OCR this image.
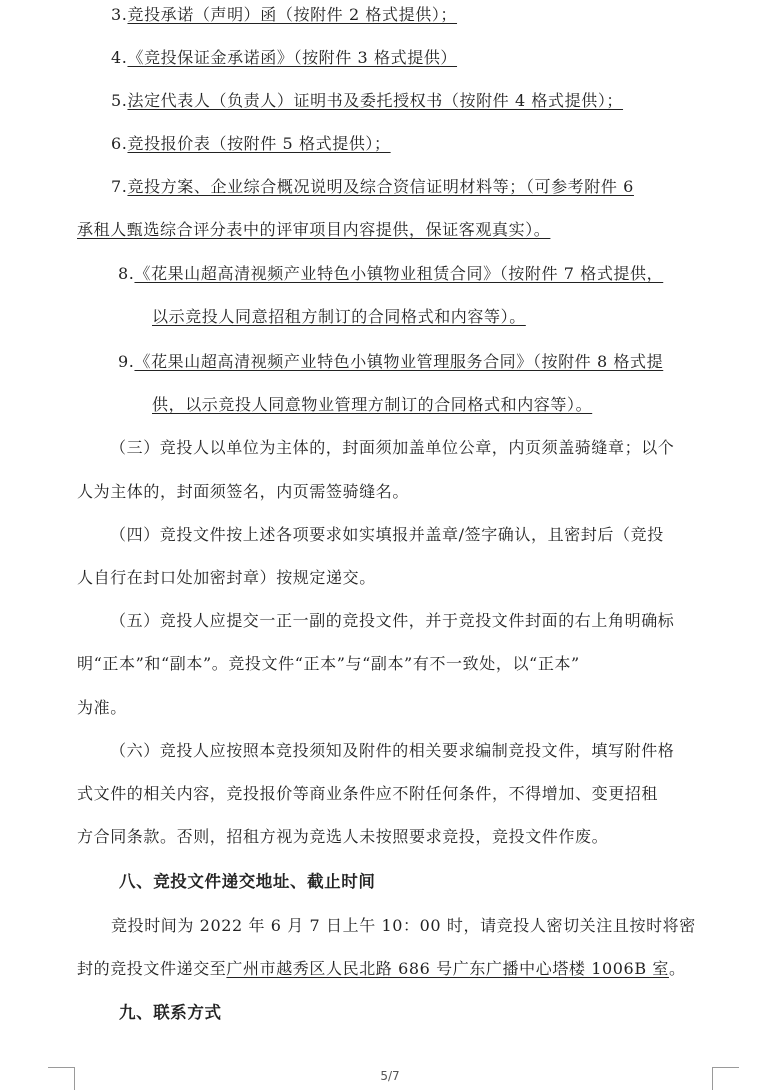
3.竞投承诺（声明）函（按附件 2 格式提供）；
4.《竞投保证金承诺函》（按附件 3 格式提供）
5.法定代表人（负责人）证明书及委托授权书（按附件 4 格式提供）；
6.竞投报价表（按附件 5 格式提供）；
7.竞投方案、企业综合概况说明及综合资信证明材料等；（可参考附件 6
承租人甄选综合评分表中的评审项目内容提供，保证客观真实）。
8.《花果山超高清视频产业特色小镇物业租赁合同》（按附件 7 格式提供，
以示竞投人同意招租方制订的合同格式和内容等）。
9.《花果山超高清视频产业特色小镇物业管理服务合同》（按附件 8 格式提
供，以示竞投人同意物业管理方制订的合同格式和内容等）。
（三）竞投人以单位为主体的，封面须加盖单位公章，内页须盖骑缝章；以个
人为主体的，封面须签名，内页需签骑缝名。
（四）竞投文件按上述各项要求如实填报并盖章/签字确认，且密封后（竞投
人自行在封口处加密封章）按规定递交。
（五）竞投人应提交一正一副的竞投文件，并于竞投文件封面的右上角明确标
明“正本”和“副本”。竞投文件“正本”与“副本”有不一致处，以“正本”
为准。
（六）竞投人应按照本竞投须知及附件的相关要求编制竞投文件，填写附件格
式文件的相关内容，竞投报价等商业条件应不附任何条件，不得增加、变更招租
方合同条款。否则，招租方视为竞选人未按照要求竞投，竞投文件作废。
八、竞投文件递交地址、截止时间
竞投时间为 2022 年 6 月 7 日上午 10：00 时，请竞投人密切关注且按时将密
封的竞投文件递交至广州市越秀区人民北路 686 号广东广播中心塔楼 1006B 室。
九、联系方式
5/7
